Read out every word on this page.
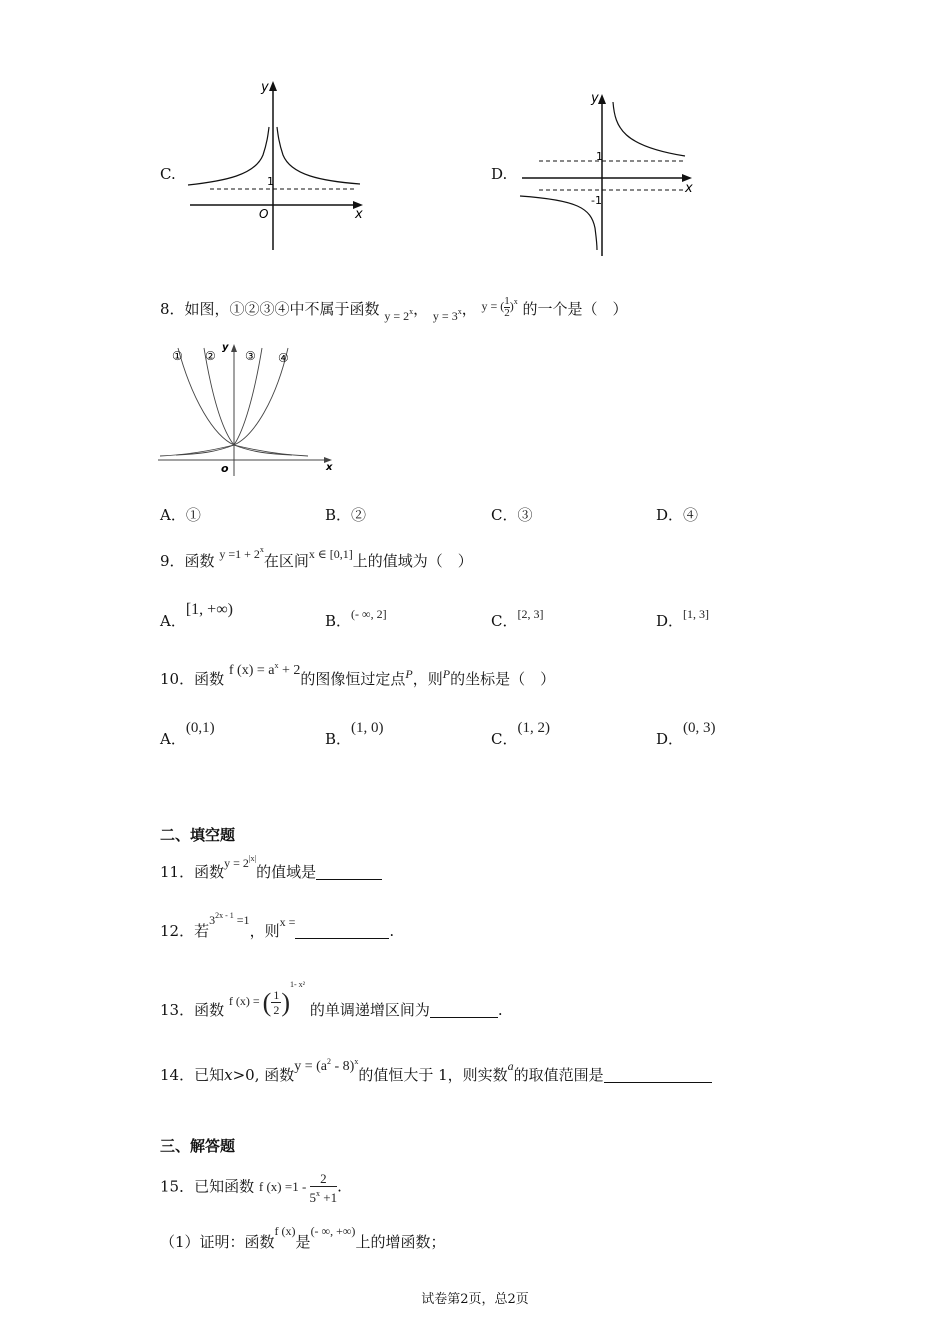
C.
y
1
O	x
D.
y
1
-1
x
8．如图，①②③④中不属于函数 $_{y = 2^x}$， $_{y = 3^x}$， $^{y = ( \frac{1}{2} )^x}$ 的一个是（　）
① ② ③ ④
y
o	x
A．①	B．②	C．③	D．④
9．函数 $^{y =1 + 2^x}$在区间$^{x \in [0,1]}$上的值域为（　）
A．[1, +∞)
B．$^{(- \infty, 2]}$	C．[2, 3]	D．[1, 3]
10．函数 f $(x) = a^x + 2$的图像恒过定点$^P$，则$^P$的坐标是（　）
A．(0,1)
B．(1, 0)
C．(1, 2)
D．(0, 3)
二、填空题
11．函数$^{y = 2^{|x|}}$的值域是
12．若$^{3^{2x - 1} =1}$，则$^{x =}$	.
13．函数 $^{f (x) = ( \frac{1}{2} )^{1- x^2}}$ 的单调递增区间为	.
14．已知x>0, 函数$y = (a^2 - 8)^x$的值恒大于 1，则实数$^a$的取值范围是
三、解答题
15．已知函数 f $(x) =1 - \frac{2}{5^x +1}$ .
（1）证明：函数$^{f (x)}$是(- ∞, +∞)上的增函数；
试卷第2页，总2页
